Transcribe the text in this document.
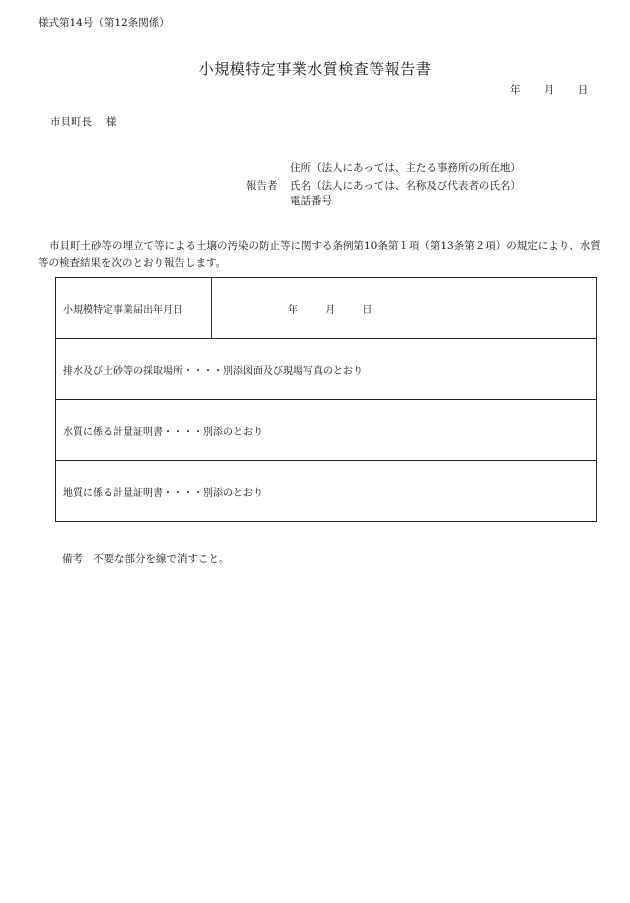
様式第14号（第12条関係）
小規模特定事業水質検査等報告書
年 月 日
市貝町長 様
報告者
住所（法人にあっては、主たる事務所の所在地）
氏名（法人にあっては、名称及び代表者の氏名）
電話番号
市貝町土砂等の埋立て等による土壌の汚染の防止等に関する条例第10条第１項（第13条第２項）の規定により、水質等の検査結果を次のとおり報告します。
小規模特定事業届出年月日	年	月	日
排水及び土砂等の採取場所・・・・別添図面及び現場写真のとおり
水質に係る計量証明書・・・・別添のとおり
地質に係る計量証明書・・・・別添のとおり
備考 不要な部分を線で消すこと。
